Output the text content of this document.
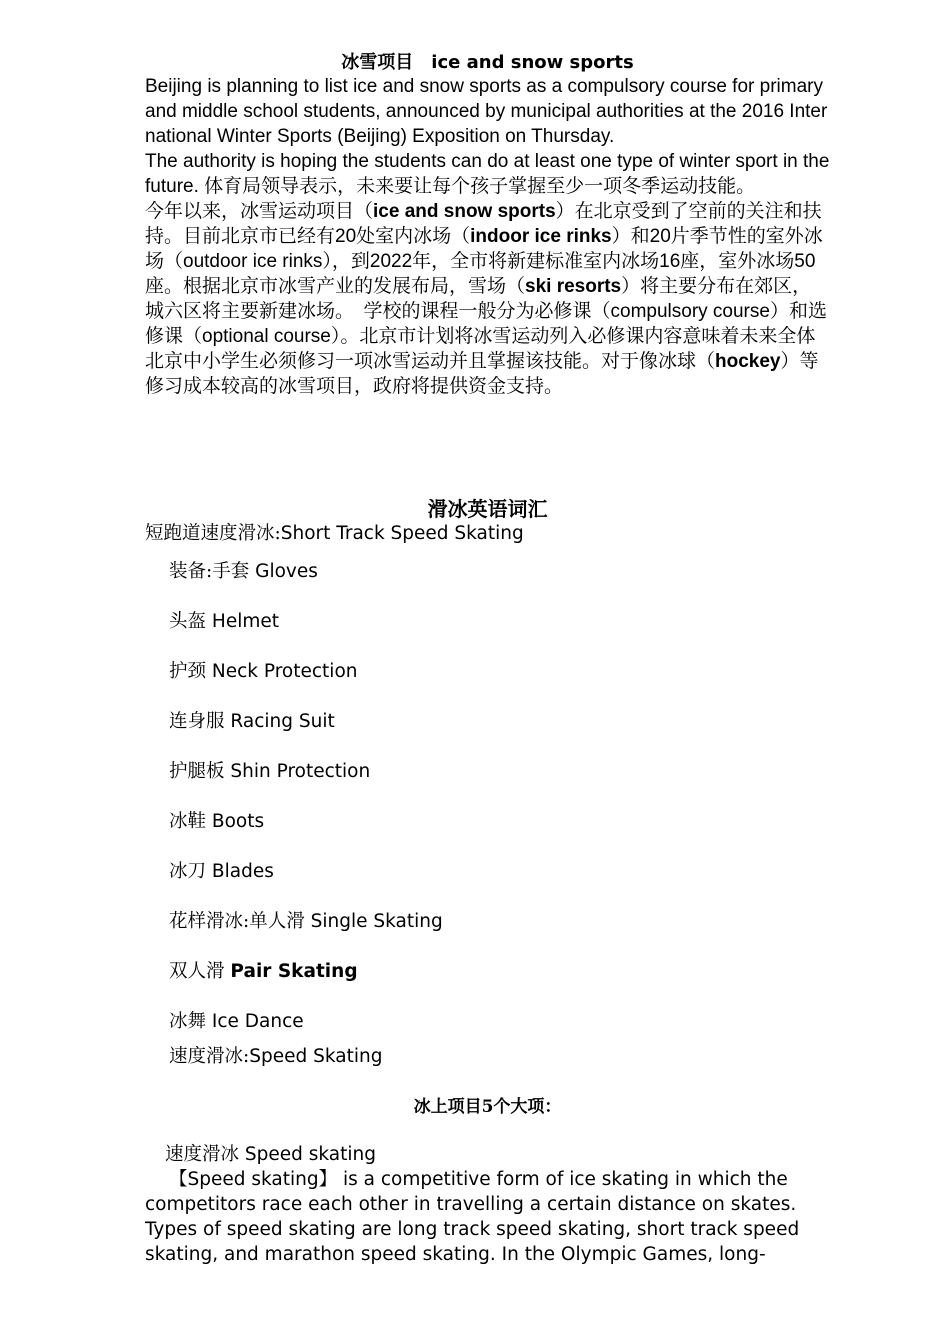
冰雪项目 ice and snow sports

Beijing is planning to list ice and snow sports as a compulsory course for primary and middle school students, announced by municipal authorities at the 2016 International Winter Sports (Beijing) Exposition on Thursday.

The authority is hoping the students can do at least one type of winter sport in the future. 体育局领导表示，未来要让每个孩子掌握至少一项冬季运动技能。

今年以来，冰雪运动项目（ice and snow sports）在北京受到了空前的关注和扶持。目前北京市已经有20处室内冰场（indoor ice rinks）和20片季节性的室外冰场（outdoor ice rinks），到2022年，全市将新建标准室内冰场16座，室外冰场50座。根据北京市冰雪产业的发展布局，雪场（ski resorts）将主要分布在郊区，城六区将主要新建冰场。　学校的课程一般分为必修课（compulsory course）和选修课（optional course）。北京市计划将冰雪运动列入必修课内容意味着未来全体北京中小学生必须修习一项冰雪运动并且掌握该技能。对于像冰球（hockey）等修习成本较高的冰雪项目，政府将提供资金支持。

滑冰英语词汇
短跑道速度滑冰:Short Track Speed Skating
装备:手套 Gloves
头盔 Helmet
护颈 Neck Protection
连身服 Racing Suit
护腿板 Shin Protection
冰鞋 Boots
冰刀 Blades
花样滑冰:单人滑 Single Skating
双人滑 Pair Skating
冰舞 Ice Dance
速度滑冰:Speed Skating
冰上项目5个大项：
速度滑冰 Speed skating

【Speed skating】 is a competitive form of ice skating in which the competitors race each other in travelling a certain distance on skates. Types of speed skating are long track speed skating, short track speed skating, and marathon speed skating. In the Olympic Games, long-
